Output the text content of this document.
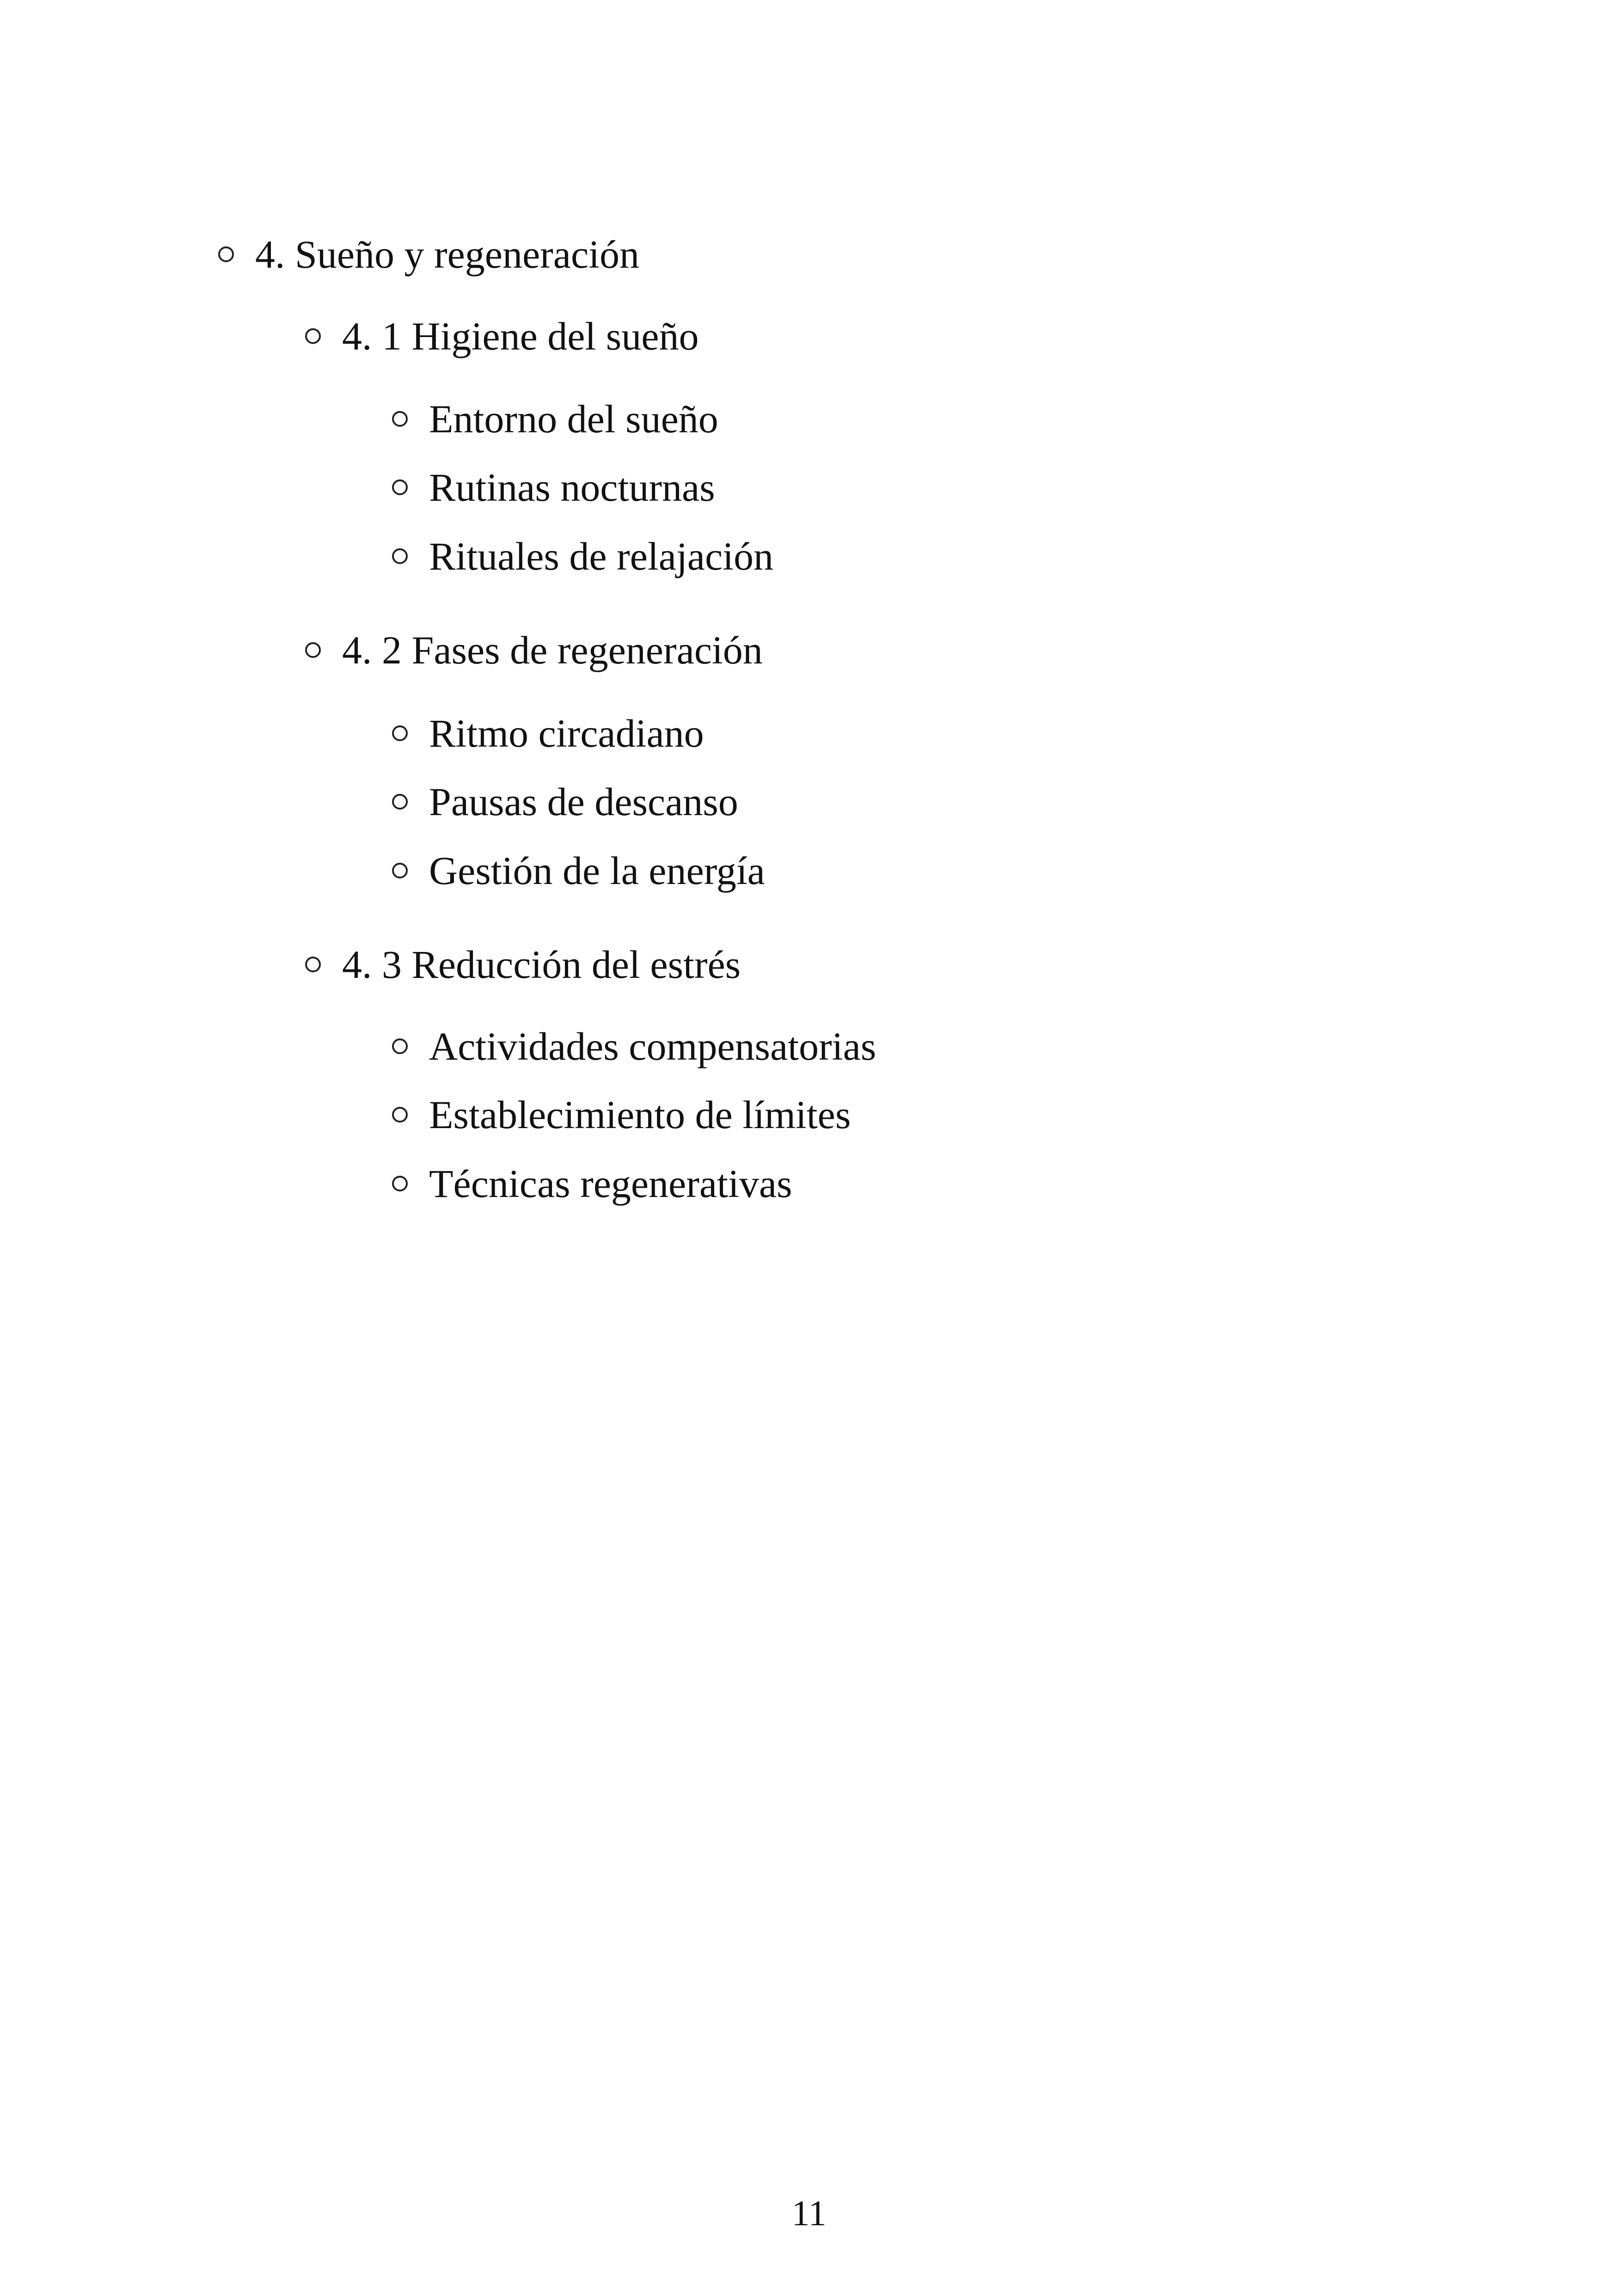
4. Sueño y regeneración
4. 1 Higiene del sueño
Entorno del sueño
Rutinas nocturnas
Rituales de relajación
4. 2 Fases de regeneración
Ritmo circadiano
Pausas de descanso
Gestión de la energía
4. 3 Reducción del estrés
Actividades compensatorias
Establecimiento de límites
Técnicas regenerativas
11
